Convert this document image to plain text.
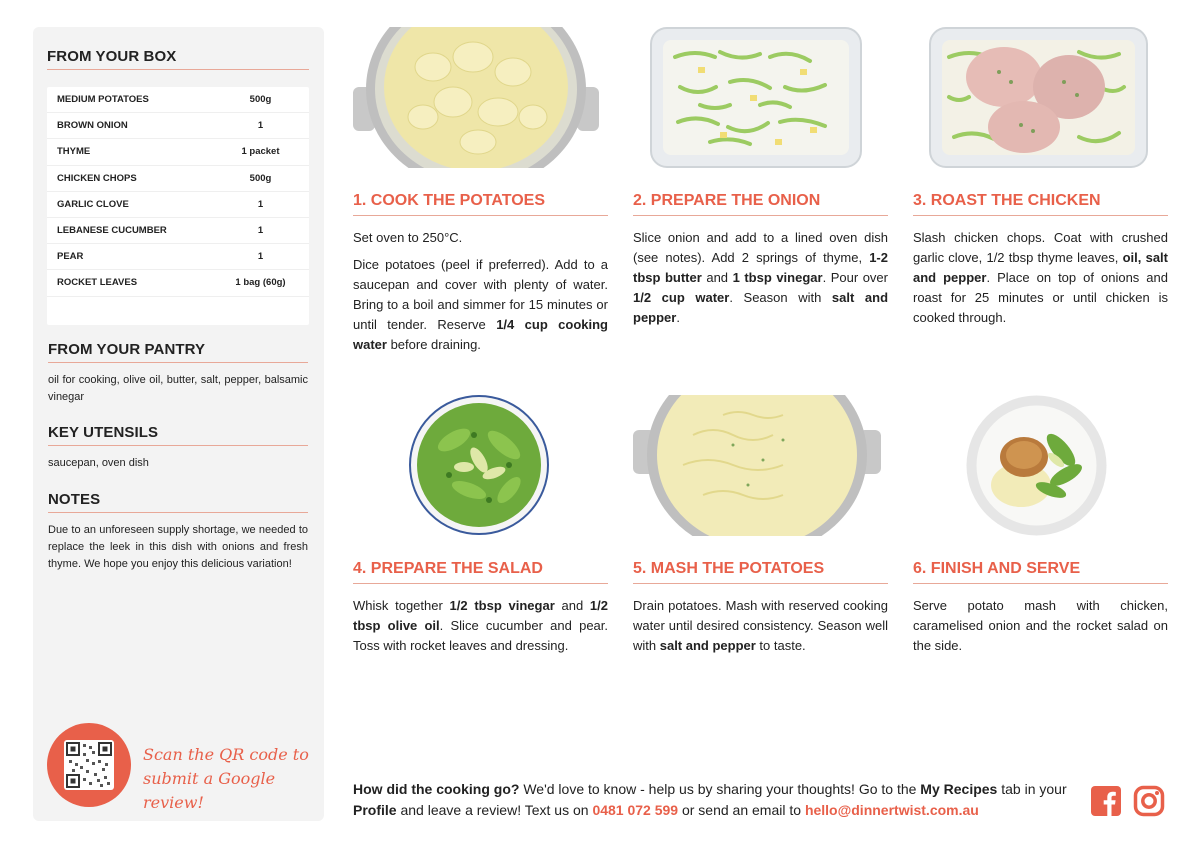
FROM YOUR BOX
MEDIUM POTATOES	500g
BROWN ONION	1
THYME	1 packet
CHICKEN CHOPS	500g
GARLIC CLOVE	1
LEBANESE CUCUMBER	1
PEAR	1
ROCKET LEAVES	1 bag (60g)
FROM YOUR PANTRY
oil for cooking, olive oil, butter, salt, pepper, balsamic vinegar
KEY UTENSILS
saucepan, oven dish
NOTES
Due to an unforeseen supply shortage, we needed to replace the leek in this dish with onions and fresh thyme. We hope you enjoy this delicious variation!
Scan the QR code to submit a Google review!
1. COOK THE POTATOES

Set oven to 250°C.

Dice potatoes (peel if preferred). Add to a saucepan and cover with plenty of water. Bring to a boil and simmer for 15 minutes or until tender. Reserve 1/4 cup cooking water before draining.

2. PREPARE THE ONION

Slice onion and add to a lined oven dish (see notes). Add 2 springs of thyme, 1-2 tbsp butter and 1 tbsp vinegar. Pour over 1/2 cup water. Season with salt and pepper.

3. ROAST THE CHICKEN

Slash chicken chops. Coat with crushed garlic clove, 1/2 tbsp thyme leaves, oil, salt and pepper. Place on top of onions and roast for 25 minutes or until chicken is cooked through.

4. PREPARE THE SALAD

Whisk together 1/2 tbsp vinegar and 1/2 tbsp olive oil. Slice cucumber and pear. Toss with rocket leaves and dressing.

5. MASH THE POTATOES

Drain potatoes. Mash with reserved cooking water until desired consistency. Season well with salt and pepper to taste.

6. FINISH AND SERVE

Serve potato mash with chicken, caramelised onion and the rocket salad on the side.

How did the cooking go? We'd love to know - help us by sharing your thoughts! Go to the My Recipes tab in your Profile and leave a review! Text us on 0481 072 599 or send an email to hello@dinnertwist.com.au
